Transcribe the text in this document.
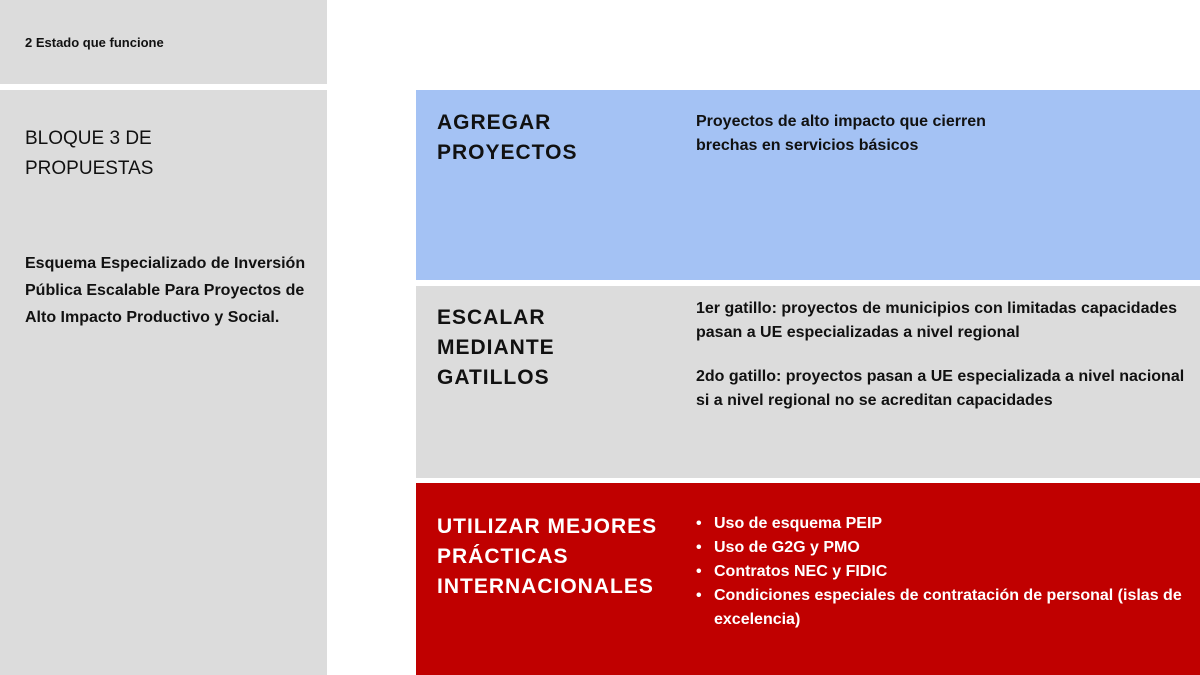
2 Estado que funcione
BLOQUE 3 DE PROPUESTAS
Esquema Especializado de Inversión Pública Escalable Para Proyectos de Alto Impacto Productivo y Social.
AGREGAR PROYECTOS
Proyectos de alto impacto que cierren brechas en servicios básicos
ESCALAR MEDIANTE GATILLOS

1er gatillo: proyectos de municipios con limitadas capacidades pasan a UE especializadas a nivel regional

2do gatillo: proyectos pasan a UE especializada a nivel nacional si a nivel regional no se acreditan capacidades

UTILIZAR MEJORES PRÁCTICAS INTERNACIONALES
• Uso de esquema PEIP
• Uso de G2G y PMO
• Contratos NEC y FIDIC
• Condiciones especiales de contratación de personal (islas de excelencia)
